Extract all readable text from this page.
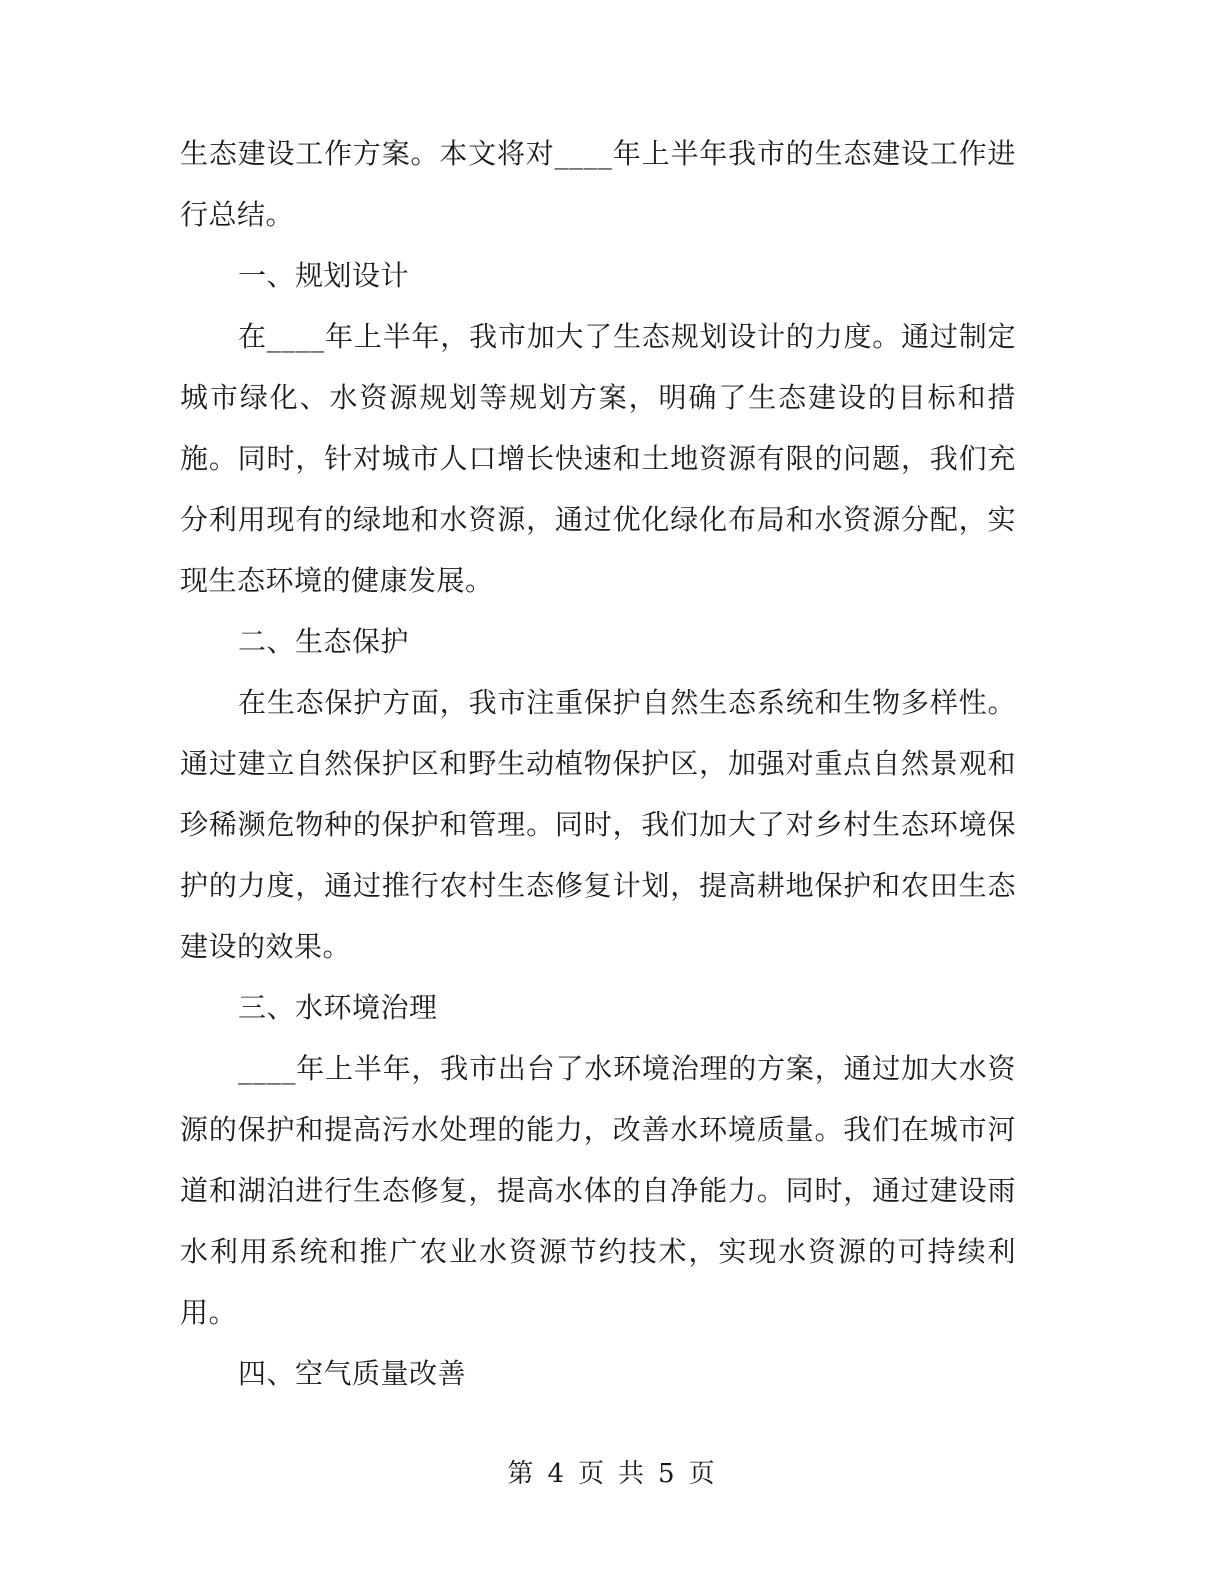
生态建设工作方案。本文将对____年上半年我市的生态建设工作进行总结。

一、规划设计

在____年上半年，我市加大了生态规划设计的力度。通过制定城市绿化、水资源规划等规划方案，明确了生态建设的目标和措施。同时，针对城市人口增长快速和土地资源有限的问题，我们充分利用现有的绿地和水资源，通过优化绿化布局和水资源分配，实现生态环境的健康发展。

二、生态保护

在生态保护方面，我市注重保护自然生态系统和生物多样性。通过建立自然保护区和野生动植物保护区，加强对重点自然景观和珍稀濒危物种的保护和管理。同时，我们加大了对乡村生态环境保护的力度，通过推行农村生态修复计划，提高耕地保护和农田生态建设的效果。

三、水环境治理

____年上半年，我市出台了水环境治理的方案，通过加大水资源的保护和提高污水处理的能力，改善水环境质量。我们在城市河道和湖泊进行生态修复，提高水体的自净能力。同时，通过建设雨水利用系统和推广农业水资源节约技术，实现水资源的可持续利用。

四、空气质量改善

第 4 页 共 5 页
